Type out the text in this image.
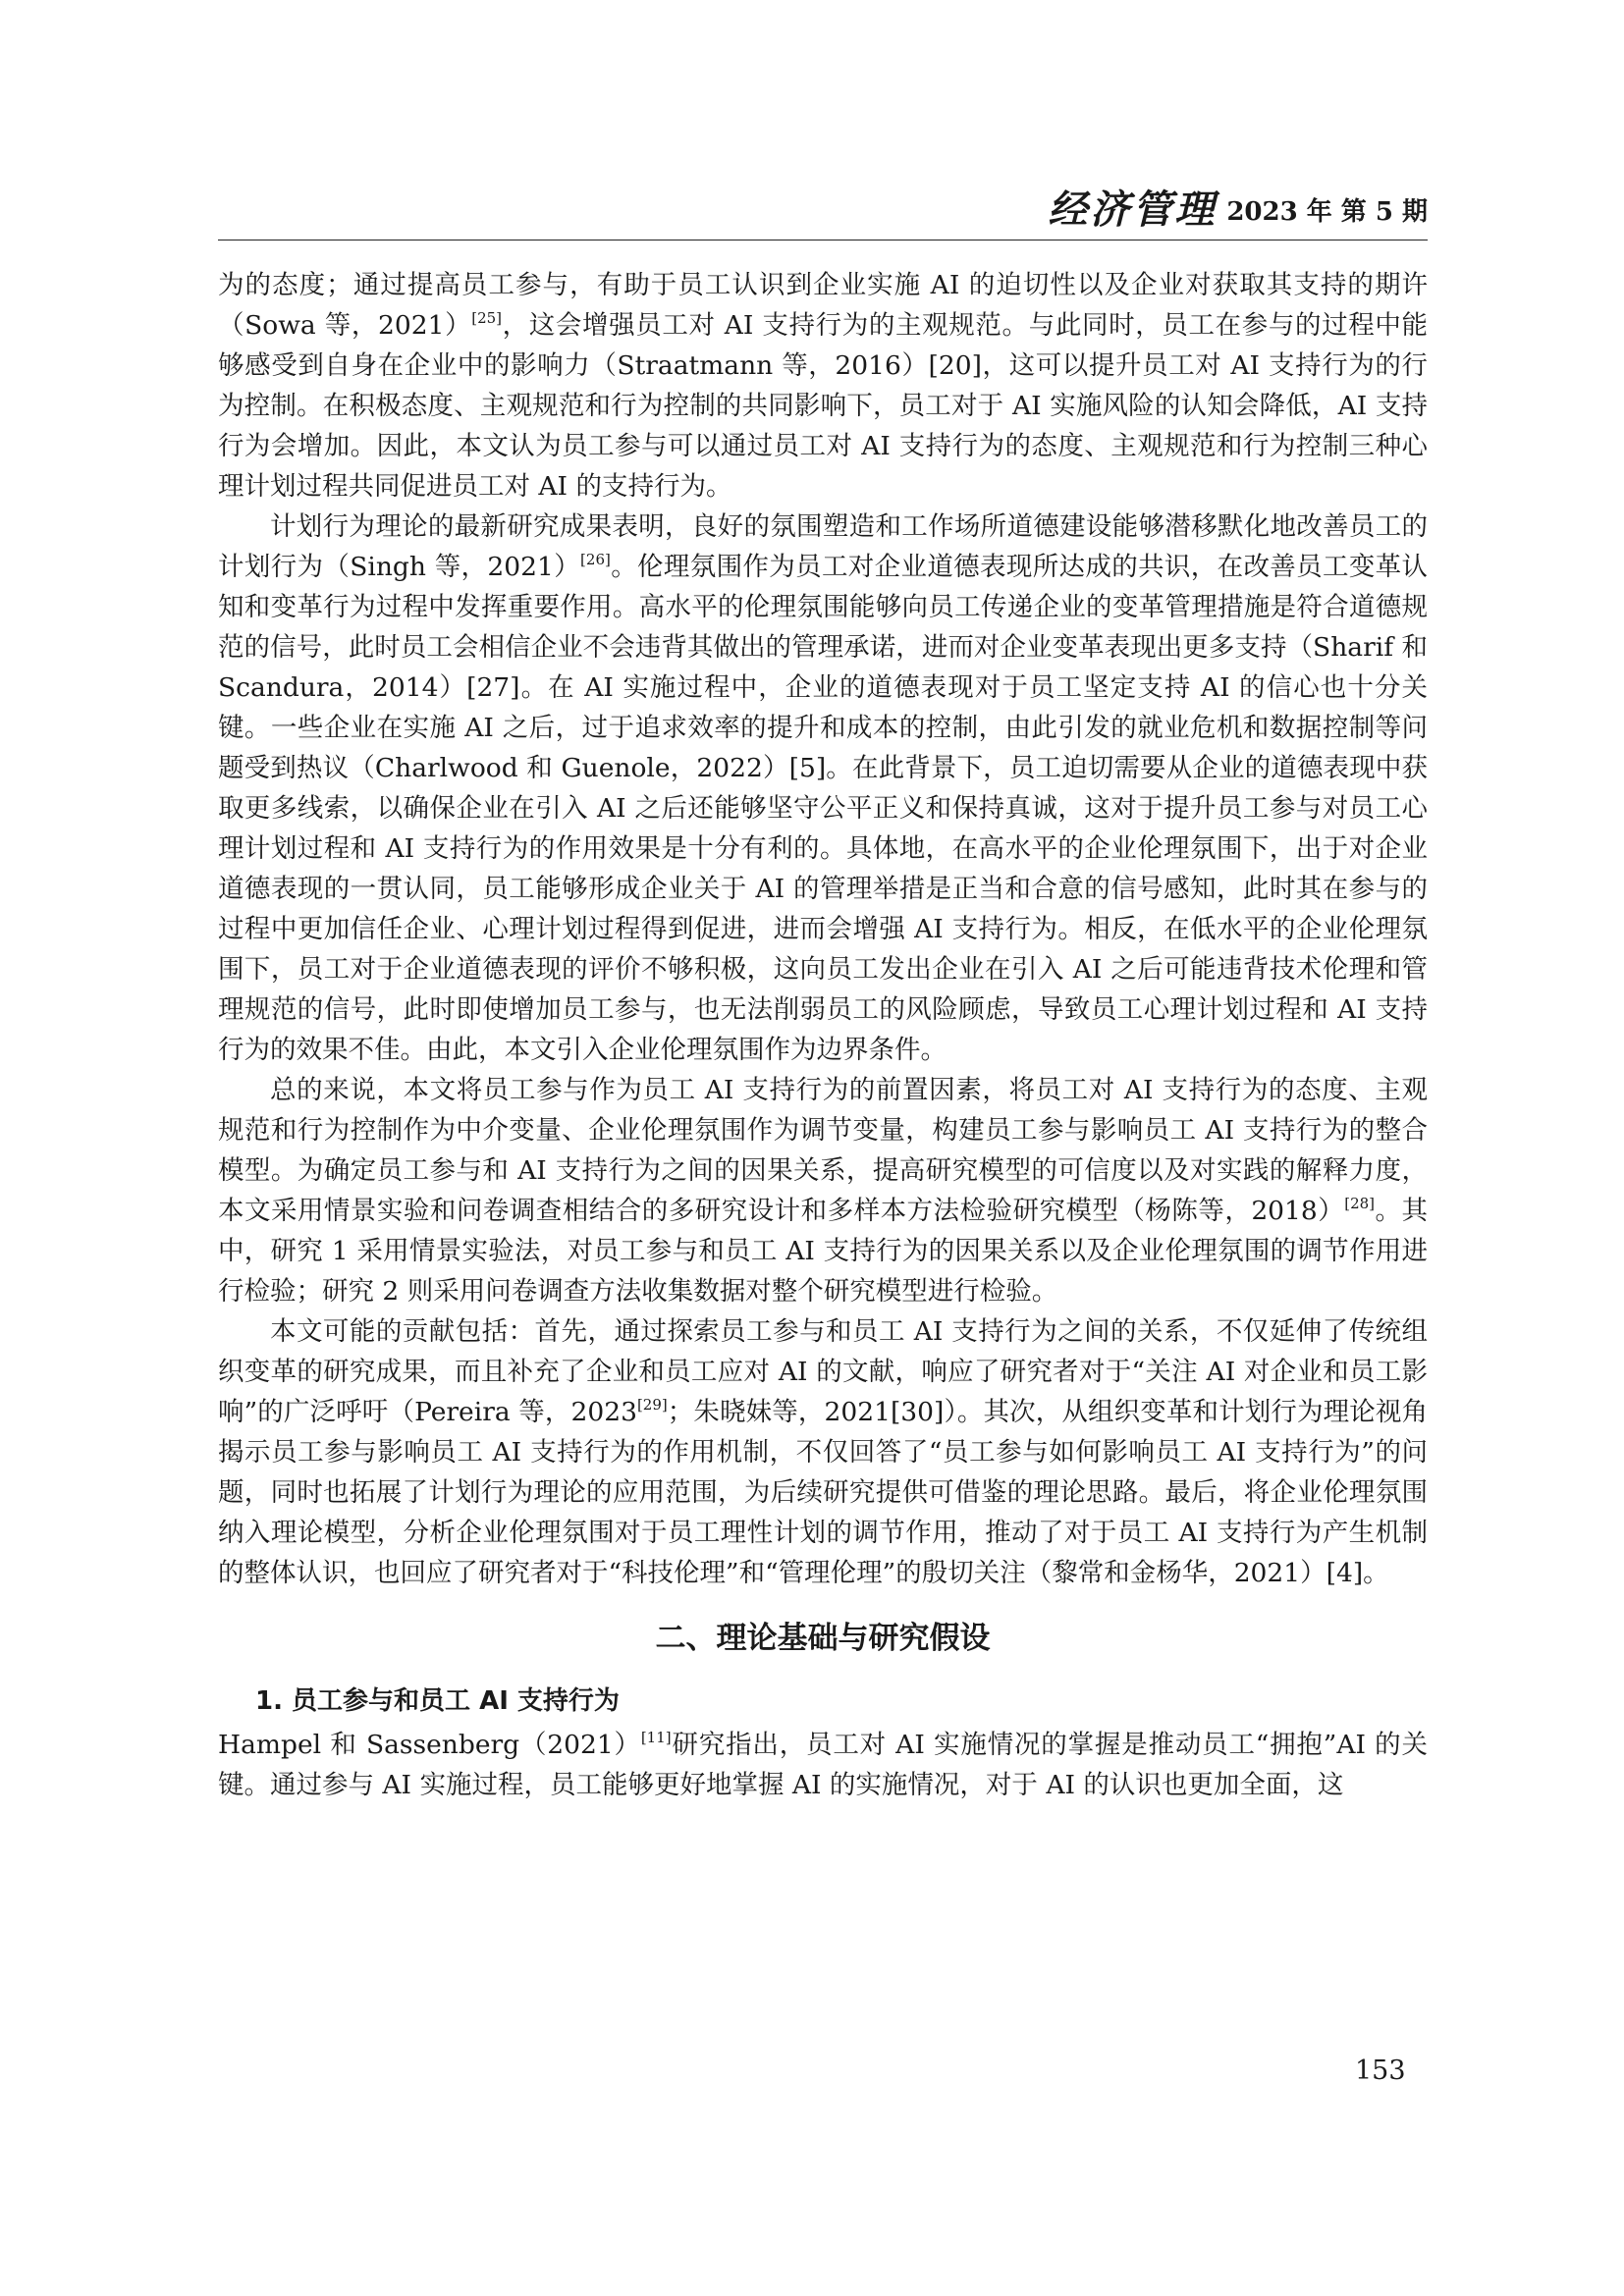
经济管理 2023 年 第 5 期

为的态度；通过提高员工参与，有助于员工认识到企业实施 AI 的迫切性以及企业对获取其支持的期许（Sowa 等，2021）[25]，这会增强员工对 AI 支持行为的主观规范。与此同时，员工在参与的过程中能够感受到自身在企业中的影响力（Straatmann 等，2016）[20]，这可以提升员工对 AI 支持行为的行为控制。在积极态度、主观规范和行为控制的共同影响下，员工对于 AI 实施风险的认知会降低，AI 支持行为会增加。因此，本文认为员工参与可以通过员工对 AI 支持行为的态度、主观规范和行为控制三种心理计划过程共同促进员工对 AI 的支持行为。

计划行为理论的最新研究成果表明，良好的氛围塑造和工作场所道德建设能够潜移默化地改善员工的计划行为（Singh 等，2021）[26]。伦理氛围作为员工对企业道德表现所达成的共识，在改善员工变革认知和变革行为过程中发挥重要作用。高水平的伦理氛围能够向员工传递企业的变革管理措施是符合道德规范的信号，此时员工会相信企业不会违背其做出的管理承诺，进而对企业变革表现出更多支持（Sharif 和 Scandura，2014）[27]。在 AI 实施过程中，企业的道德表现对于员工坚定支持 AI 的信心也十分关键。一些企业在实施 AI 之后，过于追求效率的提升和成本的控制，由此引发的就业危机和数据控制等问题受到热议（Charlwood 和 Guenole，2022）[5]。在此背景下，员工迫切需要从企业的道德表现中获取更多线索，以确保企业在引入 AI 之后还能够坚守公平正义和保持真诚，这对于提升员工参与对员工心理计划过程和 AI 支持行为的作用效果是十分有利的。具体地，在高水平的企业伦理氛围下，出于对企业道德表现的一贯认同，员工能够形成企业关于 AI 的管理举措是正当和合意的信号感知，此时其在参与的过程中更加信任企业、心理计划过程得到促进，进而会增强 AI 支持行为。相反，在低水平的企业伦理氛围下，员工对于企业道德表现的评价不够积极，这向员工发出企业在引入 AI 之后可能违背技术伦理和管理规范的信号，此时即使增加员工参与，也无法削弱员工的风险顾虑，导致员工心理计划过程和 AI 支持行为的效果不佳。由此，本文引入企业伦理氛围作为边界条件。

总的来说，本文将员工参与作为员工 AI 支持行为的前置因素，将员工对 AI 支持行为的态度、主观规范和行为控制作为中介变量、企业伦理氛围作为调节变量，构建员工参与影响员工 AI 支持行为的整合模型。为确定员工参与和 AI 支持行为之间的因果关系，提高研究模型的可信度以及对实践的解释力度，本文采用情景实验和问卷调查相结合的多研究设计和多样本方法检验研究模型（杨陈等，2018）[28]。其中，研究 1 采用情景实验法，对员工参与和员工 AI 支持行为的因果关系以及企业伦理氛围的调节作用进行检验；研究 2 则采用问卷调查方法收集数据对整个研究模型进行检验。

本文可能的贡献包括：首先，通过探索员工参与和员工 AI 支持行为之间的关系，不仅延伸了传统组织变革的研究成果，而且补充了企业和员工应对 AI 的文献，响应了研究者对于“关注 AI 对企业和员工影响”的广泛呼吁（Pereira 等，2023[29]；朱晓妹等，2021[30]）。其次，从组织变革和计划行为理论视角揭示员工参与影响员工 AI 支持行为的作用机制，不仅回答了“员工参与如何影响员工 AI 支持行为”的问题，同时也拓展了计划行为理论的应用范围，为后续研究提供可借鉴的理论思路。最后，将企业伦理氛围纳入理论模型，分析企业伦理氛围对于员工理性计划的调节作用，推动了对于员工 AI 支持行为产生机制的整体认识，也回应了研究者对于“科技伦理”和“管理伦理”的殷切关注（黎常和金杨华，2021）[4]。

二、理论基础与研究假设
1. 员工参与和员工 AI 支持行为

Hampel 和 Sassenberg（2021）[11]研究指出，员工对 AI 实施情况的掌握是推动员工“拥抱”AI 的关键。通过参与 AI 实施过程，员工能够更好地掌握 AI 的实施情况，对于 AI 的认识也更加全面，这

153
